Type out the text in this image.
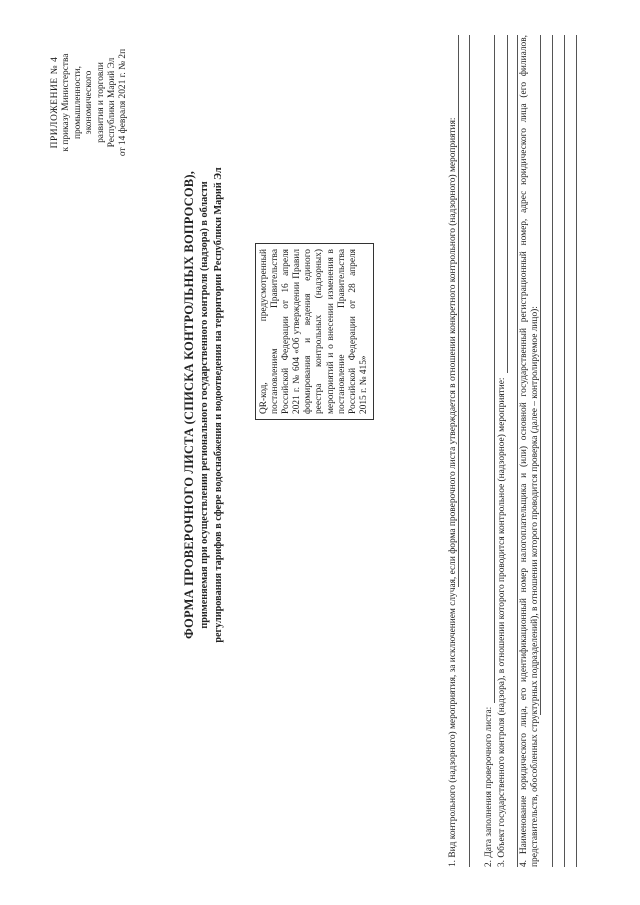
ПРИЛОЖЕНИЕ № 4 к приказу Министерства промышленности, экономического развития и торговли Республики Марий Эл от 14 февраля 2021 г. № 2п
ФОРМА ПРОВЕРОЧНОГО ЛИСТА (СПИСКА КОНТРОЛЬНЫХ ВОПРОСОВ), применяемая при осуществлении регионального государственного контроля (надзора) в области регулирования тарифов в сфере водоснабжения и водоотведения на территории Республики Марий Эл	QR-код, предусмотренный постановлением Правительства Российской Федерации от 16 апреля 2021 г. № 604 «Об утверждении Правил формирования и ведения единого реестра контрольных (надзорных) мероприятий и о внесении изменения в постановление Правительства Российской Федерации от 28 апреля 2015 г. № 415»	1. Вид контрольного (надзорного) мероприятия, за исключением случая, если форма проверочного листа утверждается в отношении конкретного контрольного (надзорного) мероприятия:	2. Дата заполнения проверочного листа: 3. Объект государственного контроля (надзора), в отношении которого проводится контрольное (надзорное) мероприятие: 4. Наименование юридического лица, его идентификационный номер налогоплательщика и (или) основной государственный регистрационный номер, адрес юридического лица (его филиалов, представительств, обособленных структурных подразделений), в отношении которого проводится проверка (далее – контролируемое лицо):
